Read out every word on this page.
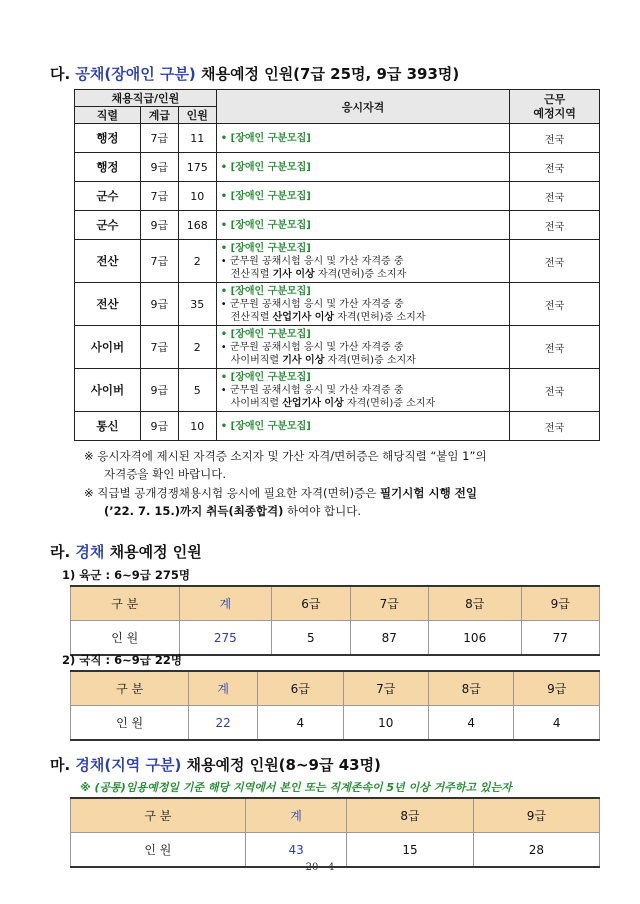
다. 공채(장애인 구분) 채용예정 인원(7급 25명, 9급 393명)
채용직급/인원			응시자격	근무
예정지역
직렬	계급	인원		
행정	7급	11	• [장애인 구분모집]	전국
행정	9급	175	• [장애인 구분모집]	전국
군수	7급	10	• [장애인 구분모집]	전국
군수	9급	168	• [장애인 구분모집]	전국
전산	7급	2	• [장애인 구분모집]
• 군무원 공채시험 응시 및 가산 자격증 중
전산직렬 기사 이상 자격(면허)증 소지자	전국
전산	9급	35	• [장애인 구분모집]
• 군무원 공채시험 응시 및 가산 자격증 중
전산직렬 산업기사 이상 자격(면허)증 소지자	전국
사이버	7급	2	• [장애인 구분모집]
• 군무원 공채시험 응시 및 가산 자격증 중
사이버직렬 기사 이상 자격(면허)증 소지자	전국
사이버	9급	5	• [장애인 구분모집]
• 군무원 공채시험 응시 및 가산 자격증 중
사이버직렬 산업기사 이상 자격(면허)증 소지자	전국
통신	9급	10	• [장애인 구분모집]	전국
※ 응시자격에 제시된 자격증 소지자 및 가산 자격/면허증은 해당직렬 “붙임 1”의
자격증을 확인 바랍니다.
※ 직급별 공개경쟁채용시험 응시에 필요한 자격(면허)증은 필기시험 시행 전일
(’22. 7. 15.)까지 취득(최종합격) 하여야 합니다.
라. 경채 채용예정 인원
1) 육군 : 6~9급 275명
구 분	계	6급	7급	8급	9급
인 원	275	5	87	106	77
2) 국직 : 6~9급 22명
구 분	계	6급	7급	8급	9급
인 원	22	4	10	4	4
마. 경채(지역 구분) 채용예정 인원(8~9급 43명)
※ (공통)임용예정일 기준 해당 지역에서 본인 또는 직계존속이 5년 이상 거주하고 있는자
구 분	계	8급	9급
인 원	43	15	28
20 - 4
